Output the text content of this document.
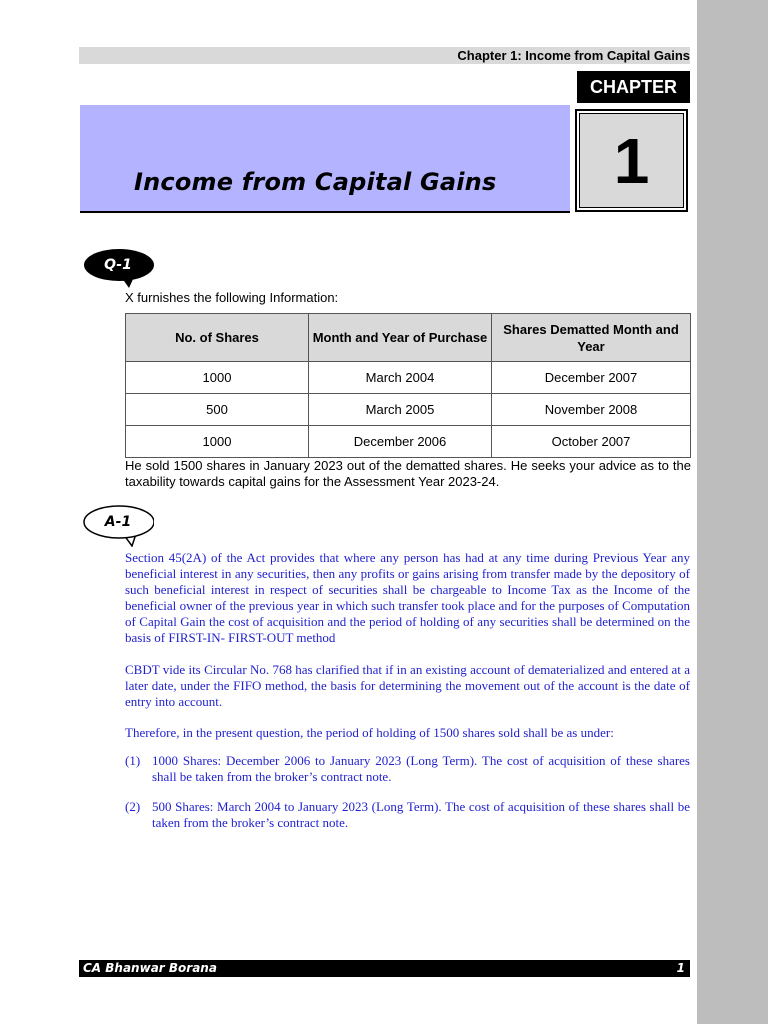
Chapter 1: Income from Capital Gains
CHAPTER
Income from Capital Gains	1
Q-1
X furnishes the following Information:
No. of Shares	Month and Year of Purchase	Shares Dematted Month and Year
1000	March 2004	December 2007
500	March 2005	November 2008
1000	December 2006	October 2007
He sold 1500 shares in January 2023 out of the dematted shares. He seeks your advice as to the taxability towards capital gains for the Assessment Year 2023-24.
A-1

Section 45(2A) of the Act provides that where any person has had at any time during Previous Year any beneficial interest in any securities, then any profits or gains arising from transfer made by the depository of such beneficial interest in respect of securities shall be chargeable to Income Tax as the Income of the beneficial owner of the previous year in which such transfer took place and for the purposes of Computation of Capital Gain the cost of acquisition and the period of holding of any securities shall be determined on the basis of FIRST-IN- FIRST-OUT method

CBDT vide its Circular No. 768 has clarified that if in an existing account of dematerialized and entered at a later date, under the FIFO method, the basis for determining the movement out of the account is the date of entry into account.

Therefore, in the present question, the period of holding of 1500 shares sold shall be as under:

(1) 1000 Shares: December 2006 to January 2023 (Long Term). The cost of acquisition of these shares shall be taken from the broker’s contract note.
(2) 500 Shares: March 2004 to January 2023 (Long Term). The cost of acquisition of these shares shall be taken from the broker’s contract note.
CA Bhanwar Borana	1
